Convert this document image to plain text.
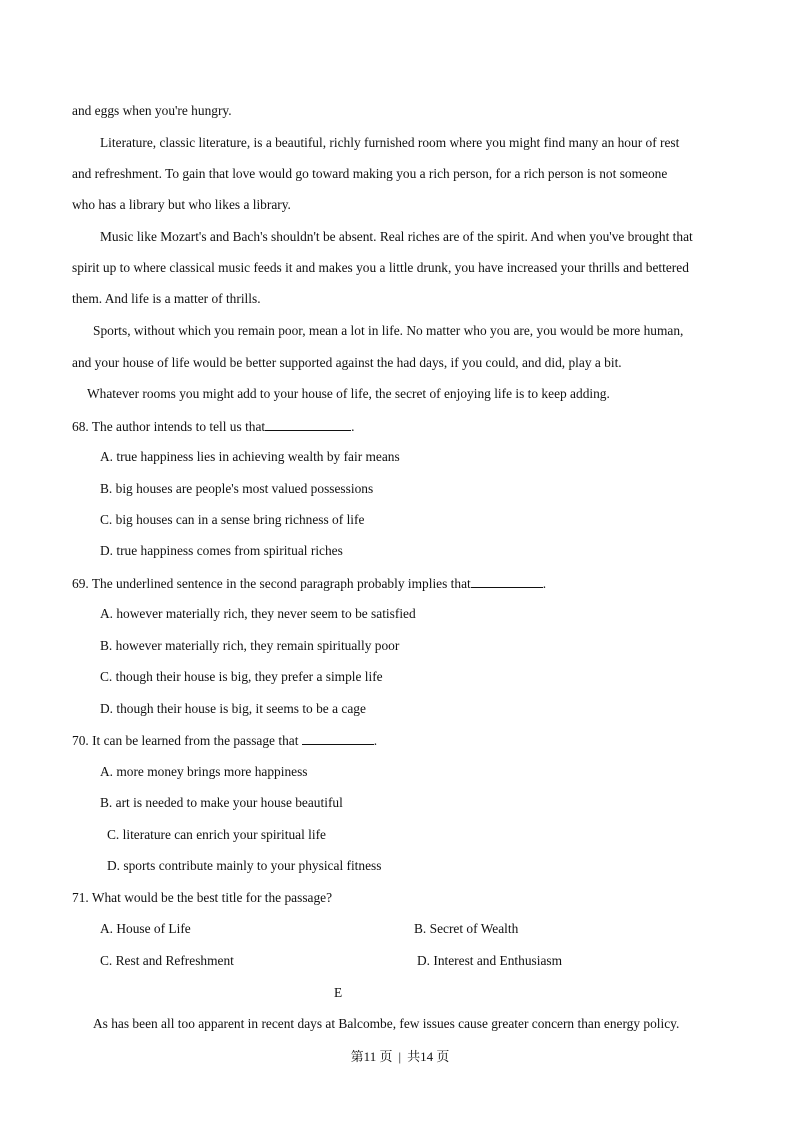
and eggs when you're hungry.
Literature, classic literature, is a beautiful, richly furnished room where you might find many an hour of rest
and refreshment. To gain that love would go toward making you a rich person, for a rich person is not someone
who has a library but who likes a library.
Music like Mozart's and Bach's shouldn't be absent. Real riches are of the spirit. And when you've brought that
spirit up to where classical music feeds it and makes you a little drunk, you have increased your thrills and bettered
them. And life is a matter of thrills.
Sports, without which you remain poor, mean a lot in life. No matter who you are, you would be more human,
and your house of life would be better supported against the had days, if you could, and did, play a bit.
Whatever rooms you might add to your house of life, the secret of enjoying life is to keep adding.
68. The author intends to tell us that	.
A. true happiness lies in achieving wealth by fair means
B. big houses are people's most valued possessions
C. big houses can in a sense bring richness of life
D. true happiness comes from spiritual riches
69. The underlined sentence in the second paragraph probably implies that	.
A. however materially rich, they never seem to be satisfied
B. however materially rich, they remain spiritually poor
C. though their house is big, they prefer a simple life
D. though their house is big, it seems to be a cage
70. It can be learned from the passage that	.
A. more money brings more happiness
B. art is needed to make your house beautiful
C. literature can enrich your spiritual life
D. sports contribute mainly to your physical fitness
71. What would be the best title for the passage?
A. House of Life	B. Secret of Wealth
C. Rest and Refreshment	D. Interest and Enthusiasm
E
As has been all too apparent in recent days at Balcombe, few issues cause greater concern than energy policy.
第11 页 | 共14 页
